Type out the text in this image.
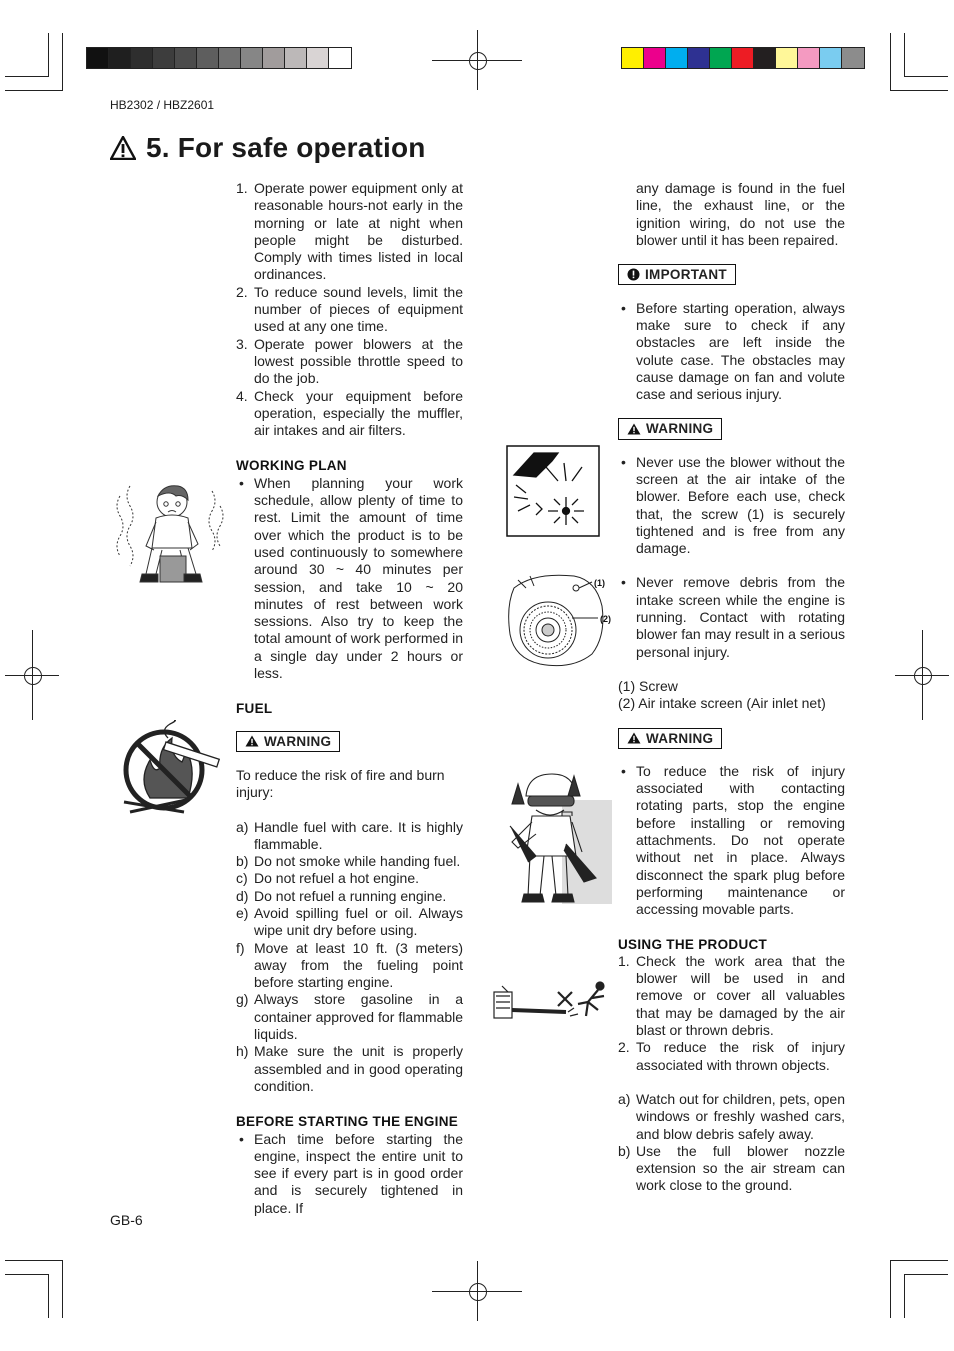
HB2302 / HBZ2601
5. For safe operation
1. Operate power equipment only at reasonable hours-not early in the morning or late at night when people might be disturbed. Comply with times listed in local ordinances.
2. To reduce sound levels, limit the number of pieces of equipment used at any one time.
3. Operate power blowers at the lowest possible throttle speed to do the job.
4. Check your equipment before operation, especially the muffler, air intakes and air filters.
WORKING PLAN
• When planning your work schedule, allow plenty of time to rest. Limit the amount of time over which the product is to be used continuously to somewhere around 30 ~ 40 minutes per session, and take 10 ~ 20 minutes of rest between work sessions. Also try to keep the total amount of work performed in a single day under 2 hours or less.
FUEL
WARNING

To reduce the risk of fire and burn injury:

a) Handle fuel with care. It is highly flammable.
b) Do not smoke while handing fuel.
c) Do not refuel a hot engine.
d) Do not refuel a running engine.
e) Avoid spilling fuel or oil. Always wipe unit dry before using.
f) Move at least 10 ft. (3 meters) away from the fueling point before starting engine.
g) Always store gasoline in a container approved for flammable liquids.
h) Make sure the unit is properly assembled and in good operating condition.
BEFORE STARTING THE ENGINE
• Each time before starting the engine, inspect the entire unit to see if every part is in good order and is securely tightened in place. If

any damage is found in the fuel line, the exhaust line, or the ignition wiring, do not use the blower until it has been repaired.

IMPORTANT
• Before starting operation, always make sure to check if any obstacles are left inside the volute case. The obstacles may cause damage on fan and volute case and serious injury.
WARNING
• Never use the blower without the screen at the air intake of the blower. Before each use, check that, the screw (1) is securely tightened and is free from any damage.
• Never remove debris from the intake screen while the engine is running. Contact with rotating blower fan may result in a serious personal injury.

(1) Screw

(2) Air intake screen (Air inlet net)

WARNING
• To reduce the risk of injury associated with contacting rotating parts, stop the engine before installing or removing attachments. Do not operate without net in place. Always disconnect the spark plug before performing maintenance or accessing movable parts.
USING THE PRODUCT
1. Check the work area that the blower will be used in and remove or cover all valuables that may be damaged by the air blast or thrown debris.
2. To reduce the risk of injury associated with thrown objects.
a) Watch out for children, pets, open windows or freshly washed cars, and blow debris safely away.
b) Use the full blower nozzle extension so the air stream can work close to the ground.
(1)
(2)
GB-6
